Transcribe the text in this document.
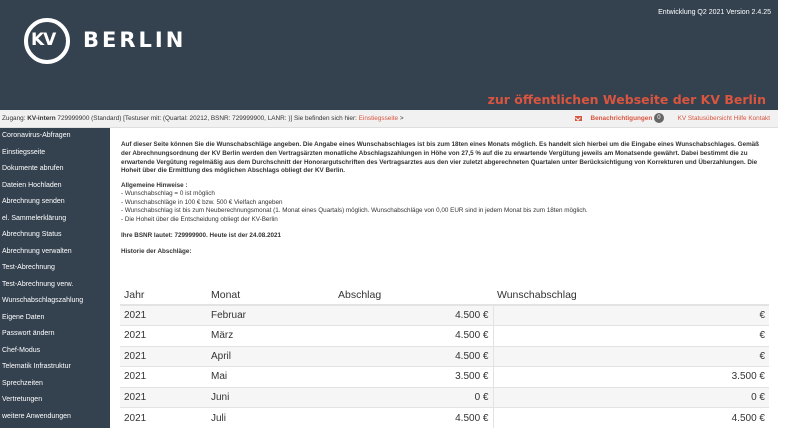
KV BERLIN
Entwicklung Q2 2021 Version 2.4.25
zur öffentlichen Webseite der KV Berlin
Zugang: KV-intern 729999900 (Standard) [Testuser mit: (Quartal: 20212, BSNR: 729999900, LANR: )] Sie befinden sich hier: Einstiegsseite >	Benachrichtigungen 0	KV Statusübersicht Hilfe Kontakt
Coronavirus-Abfragen
Einstiegsseite
Dokumente abrufen
Dateien Hochladen
Abrechnung senden
el. Sammelerklärung
Abrechnung Status
Abrechnung verwalten
Test-Abrechnung
Test-Abrechnung verw.
Wunschabschlagszahlung
Eigene Daten
Passwort ändern
Chef-Modus
Telematik Infrastruktur
Sprechzeiten
Vertretungen
weitere Anwendungen

Auf dieser Seite können Sie die Wunschabschläge angeben. Die Angabe eines Wunschabschlages ist bis zum 18ten eines Monats möglich. Es handelt sich hierbei um die Eingabe eines Wunschabschlages. Gemäß der Abrechnungsordnung der KV Berlin werden den Vertragsärzten monatliche Abschlagszahlungen in Höhe von 27,5 % auf die zu erwartende Vergütung jeweils am Monatsende gewährt. Dabei bestimmt die zu erwartende Vergütung regelmäßig aus dem Durchschnitt der Honorargutschriften des Vertragsarztes aus den vier zuletzt abgerechneten Quartalen unter Berücksichtigung von Korrekturen und Überzahlungen. Die Hoheit über die Ermittlung des möglichen Abschlags obliegt der KV Berlin.

Allgemeine Hinweise :

- Wunschabschlag = 0 ist möglich
- Wunschabschläge in 100 € bzw. 500 € Vielfach angeben
- Wunschabschlag ist bis zum Neuberechnungsmonat (1. Monat eines Quartals) möglich. Wunschabschläge von 0,00 EUR sind in jedem Monat bis zum 18ten möglich.
- Die Hoheit über die Entscheidung obliegt der KV-Berlin

Ihre BSNR lautet: 729999900. Heute ist der 24.08.2021

Historie der Abschläge:

Jahr	Monat	Abschlag	Wunschabschlag
2021	Februar	4.500 €	€
2021	März	4.500 €	€
2021	April	4.500 €	€
2021	Mai	3.500 €	3.500 €
2021	Juni	0 €	0 €
2021	Juli	4.500 €	4.500 €
